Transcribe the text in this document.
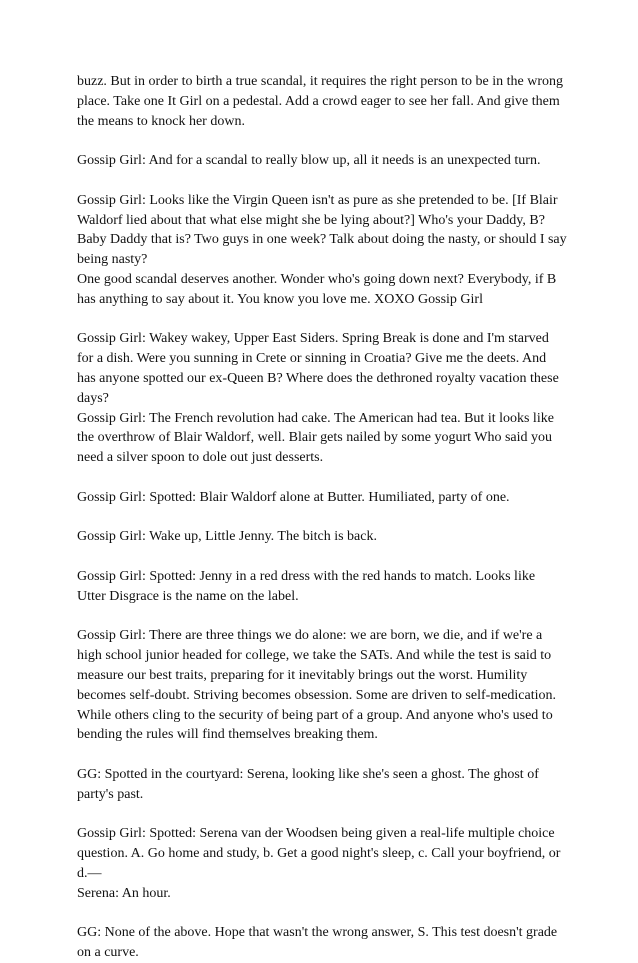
buzz. But in order to birth a true scandal, it requires the right person to be in the wrong place. Take one It Girl on a pedestal. Add a crowd eager to see her fall. And give them the means to knock her down.

Gossip Girl: And for a scandal to really blow up, all it needs is an unexpected turn.

Gossip Girl: Looks like the Virgin Queen isn't as pure as she pretended to be. [If Blair Waldorf lied about that what else might she be lying about?] Who's your Daddy, B? Baby Daddy that is? Two guys in one week? Talk about doing the nasty, or should I say being nasty?
One good scandal deserves another. Wonder who's going down next? Everybody, if B has anything to say about it. You know you love me. XOXO Gossip Girl

Gossip Girl: Wakey wakey, Upper East Siders. Spring Break is done and I'm starved for a dish. Were you sunning in Crete or sinning in Croatia? Give me the deets. And has anyone spotted our ex-Queen B? Where does the dethroned royalty vacation these days?
Gossip Girl: The French revolution had cake. The American had tea. But it looks like the overthrow of Blair Waldorf, well. Blair gets nailed by some yogurt Who said you need a silver spoon to dole out just desserts.

Gossip Girl: Spotted: Blair Waldorf alone at Butter. Humiliated, party of one.

Gossip Girl: Wake up, Little Jenny. The bitch is back.

Gossip Girl: Spotted: Jenny in a red dress with the red hands to match. Looks like Utter Disgrace is the name on the label.

Gossip Girl: There are three things we do alone: we are born, we die, and if we're a high school junior headed for college, we take the SATs. And while the test is said to measure our best traits, preparing for it inevitably brings out the worst. Humility becomes self-doubt. Striving becomes obsession. Some are driven to self-medication. While others cling to the security of being part of a group. And anyone who's used to bending the rules will find themselves breaking them.

GG: Spotted in the courtyard: Serena, looking like she's seen a ghost. The ghost of party's past.

Gossip Girl: Spotted: Serena van der Woodsen being given a real-life multiple choice question. A. Go home and study, b. Get a good night's sleep, c. Call your boyfriend, or d.—
Serena: An hour.

GG: None of the above. Hope that wasn't the wrong answer, S. This test doesn't grade on a curve.
